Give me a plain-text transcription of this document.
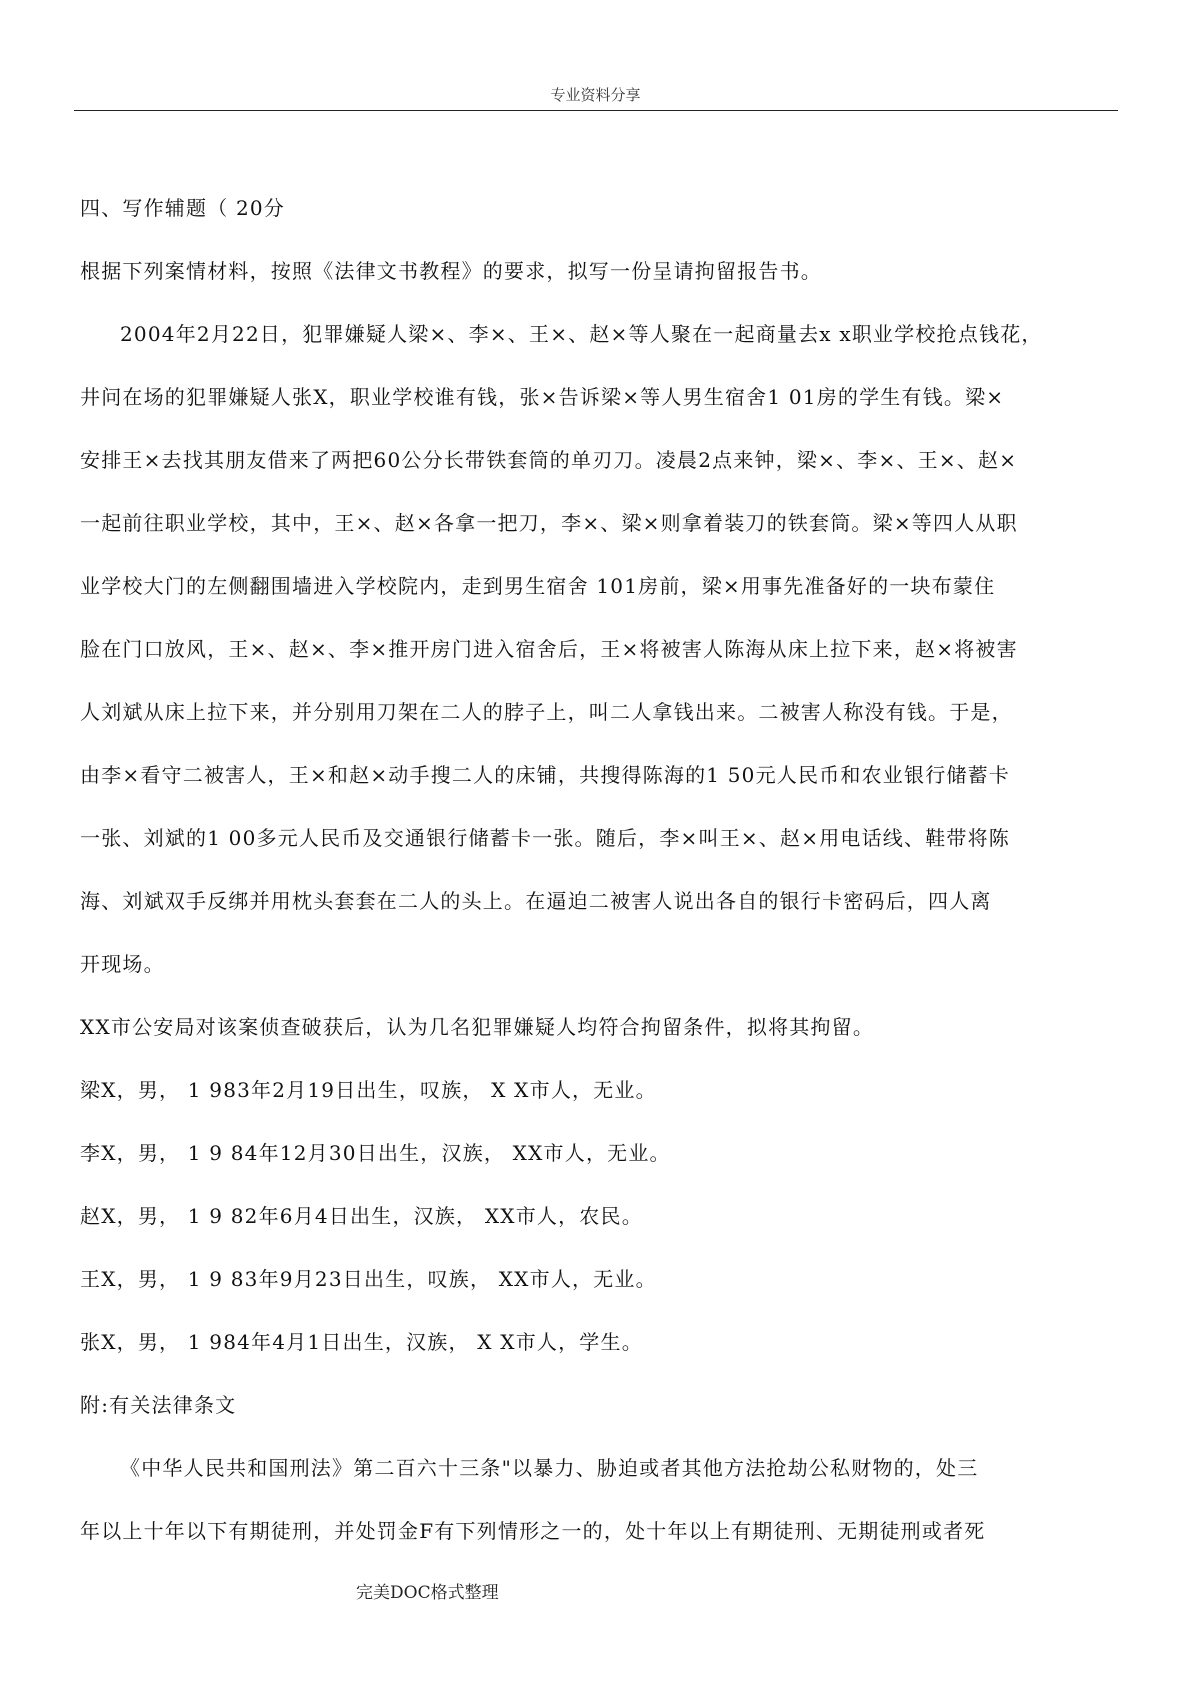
专业资料分享
四、写作辅题（ 20分
根据下列案情材料，按照《法律文书教程》的要求，拟写一份呈请拘留报告书。
2004年2月22日，犯罪嫌疑人梁×、李×、王×、赵×等人聚在一起商量去x x职业学校抢点钱花，
井问在场的犯罪嫌疑人张X，职业学校谁有钱，张×告诉梁×等人男生宿舍1 01房的学生有钱。梁×
安排王×去找其朋友借来了两把60公分长带铁套筒的单刃刀。凌晨2点来钟，梁×、李×、王×、赵×
一起前往职业学校，其中，王×、赵×各拿一把刀，李×、梁×则拿着装刀的铁套筒。梁×等四人从职
业学校大门的左侧翻围墙进入学校院内，走到男生宿舍 101房前，梁×用事先准备好的一块布蒙住
脸在门口放风，王×、赵×、李×推开房门进入宿舍后，王×将被害人陈海从床上拉下来，赵×将被害
人刘斌从床上拉下来，并分别用刀架在二人的脖子上，叫二人拿钱出来。二被害人称没有钱。于是，
由李×看守二被害人，王×和赵×动手搜二人的床铺，共搜得陈海的1 50元人民币和农业银行储蓄卡
一张、刘斌的1 00多元人民币及交通银行储蓄卡一张。随后，李×叫王×、赵×用电话线、鞋带将陈
海、刘斌双手反绑并用枕头套套在二人的头上。在逼迫二被害人说出各自的银行卡密码后，四人离
开现场。
XX市公安局对该案侦查破获后，认为几名犯罪嫌疑人均符合拘留条件，拟将其拘留。
梁X，男， 1 983年2月19日出生，叹族， X X市人，无业。
李X，男， 1 9 84年12月30日出生，汉族， XX市人，无业。
赵X，男， 1 9 82年6月4日出生，汉族， XX市人，农民。
王X，男， 1 9 83年9月23日出生，叹族， XX市人，无业。
张X，男， 1 984年4月1日出生，汉族， X X市人，学生。
附:有关法律条文
《中华人民共和国刑法》第二百六十三条"以暴力、胁迫或者其他方法抢劫公私财物的，处三
年以上十年以下有期徒刑，并处罚金F有下列情形之一的，处十年以上有期徒刑、无期徒刑或者死
完美DOC格式整理
